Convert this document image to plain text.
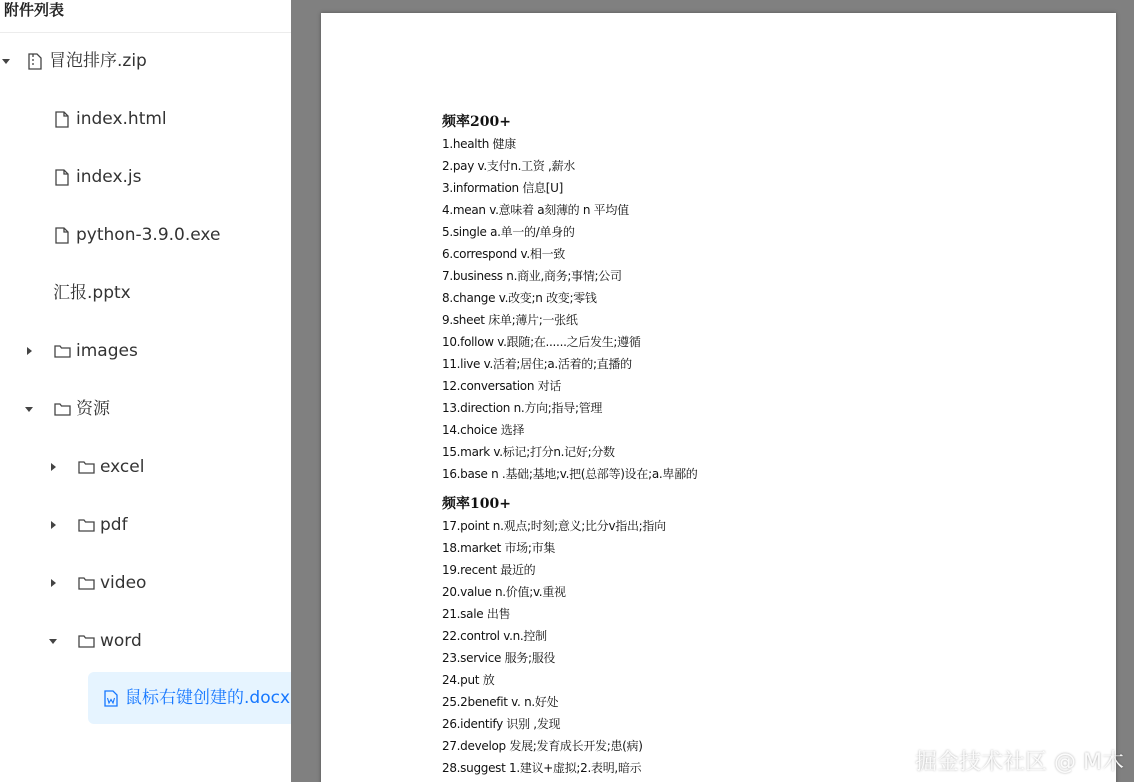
附件列表
冒泡排序.zip
index.html
index.js
python-3.9.0.exe
汇报.pptx
images
资源
excel
pdf
video
word
鼠标右键创建的.docx
频率200+
1.health 健康
2.pay v.支付n.工资 ,薪水
3.information 信息[U]
4.mean v.意味着 a刻薄的 n 平均值
5.single a.单一的/单身的
6.correspond v.相一致
7.business n.商业,商务;事情;公司
8.change v.改变;n 改变;零钱
9.sheet 床单;薄片;一张纸
10.follow v.跟随;在......之后发生;遵循
11.live v.活着;居住;a.活着的;直播的
12.conversation 对话
13.direction n.方向;指导;管理
14.choice 选择
15.mark v.标记;打分n.记好;分数
16.base n .基础;基地;v.把(总部等)设在;a.卑鄙的
频率100+
17.point n.观点;时刻;意义;比分v指出;指向
18.market 市场;市集
19.recent 最近的
20.value n.价值;v.重视
21.sale 出售
22.control v.n.控制
23.service 服务;服役
24.put 放
25.2benefit v. n.好处
26.identify 识别 ,发现
27.develop 发展;发育成长开发;患(病)
28.suggest 1.建议+虚拟;2.表明,暗示	掘金技术社区 @ M木
